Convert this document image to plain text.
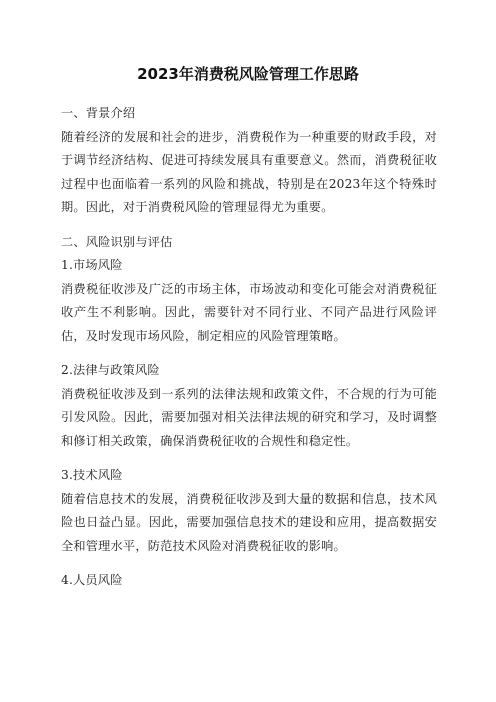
2023年消费税风险管理工作思路

一、背景介绍

随着经济的发展和社会的进步，消费税作为一种重要的财政手段，对于调节经济结构、促进可持续发展具有重要意义。然而，消费税征收过程中也面临着一系列的风险和挑战，特别是在2023年这个特殊时期。因此，对于消费税风险的管理显得尤为重要。

二、风险识别与评估

1.市场风险

消费税征收涉及广泛的市场主体，市场波动和变化可能会对消费税征收产生不利影响。因此，需要针对不同行业、不同产品进行风险评估，及时发现市场风险，制定相应的风险管理策略。

2.法律与政策风险

消费税征收涉及到一系列的法律法规和政策文件，不合规的行为可能引发风险。因此，需要加强对相关法律法规的研究和学习，及时调整和修订相关政策，确保消费税征收的合规性和稳定性。

3.技术风险

随着信息技术的发展，消费税征收涉及到大量的数据和信息，技术风险也日益凸显。因此，需要加强信息技术的建设和应用，提高数据安全和管理水平，防范技术风险对消费税征收的影响。

4.人员风险
